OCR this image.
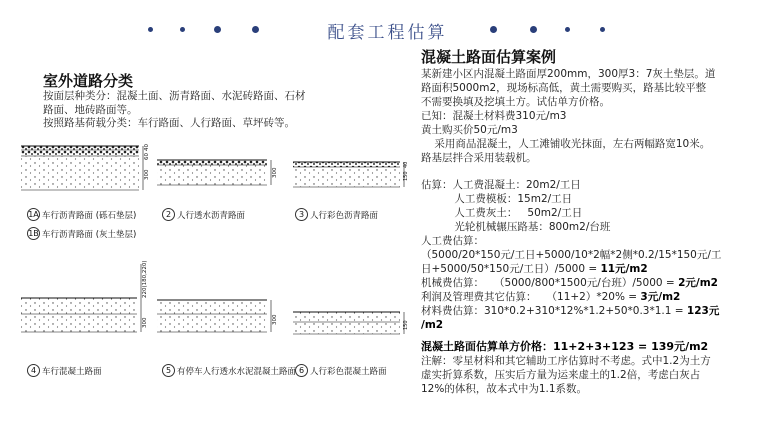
配套工程估算
室外道路分类
按面层种类分：混凝土面、沥青路面、水泥砖路面、石材
路面、地砖路面等。
按照路基荷载分类：车行路面、人行路面、草坪砖等。
40
60
300	300
40
150
220(180,220)
300	300
150
1A 车行沥青路面 (砾石垫层)
1B 车行沥青路面 (灰土垫层)
2 人行透水沥青路面	3 人行彩色沥青路面
4 车行混凝土路面	5 有停车人行透水水泥混凝土路面 6 人行彩色混凝土路面
混凝土路面估算案例
某新建小区内混凝土路面厚200mm，300厚3：7灰土垫层。道
路面积5000m2，现场标高低，黄土需要购买，路基比较平整
不需要换填及挖填土方。试估单方价格。
已知：混凝土材料费310元/m3
黄土购买价50元/m3
采用商品混凝土，人工滩铺收光抹面，左右两幅路宽10米。
路基层拌合采用装载机。
估算：人工费混凝土：20m2/工日
人工费模板：15m2/工日
人工费灰土：   50m2/工日
光轮机械辗压路基：800m2/台班
人工费估算：
（5000/20*150元/工日+5000/10*2幅*2侧*0.2/15*150元/工
日+5000/50*150元/工日）/5000 = 11元/m2
机械费估算：   （5000/800*1500元/台班）/5000 = 2元/m2
利润及管理费其它估算：   （11+2）*20% = 3元/m2
材料费估算：310*0.2+310*12%*1.2+50*0.3*1.1 = 123元
/m2
混凝土路面估算单方价格：11+2+3+123 = 139元/m2
注解：零星材料和其它辅助工序估算时不考虑。式中1.2为土方
虚实折算系数，压实后方量为运来虚土的1.2倍，考虑白灰占
12%的体积，故本式中为1.1系数。
